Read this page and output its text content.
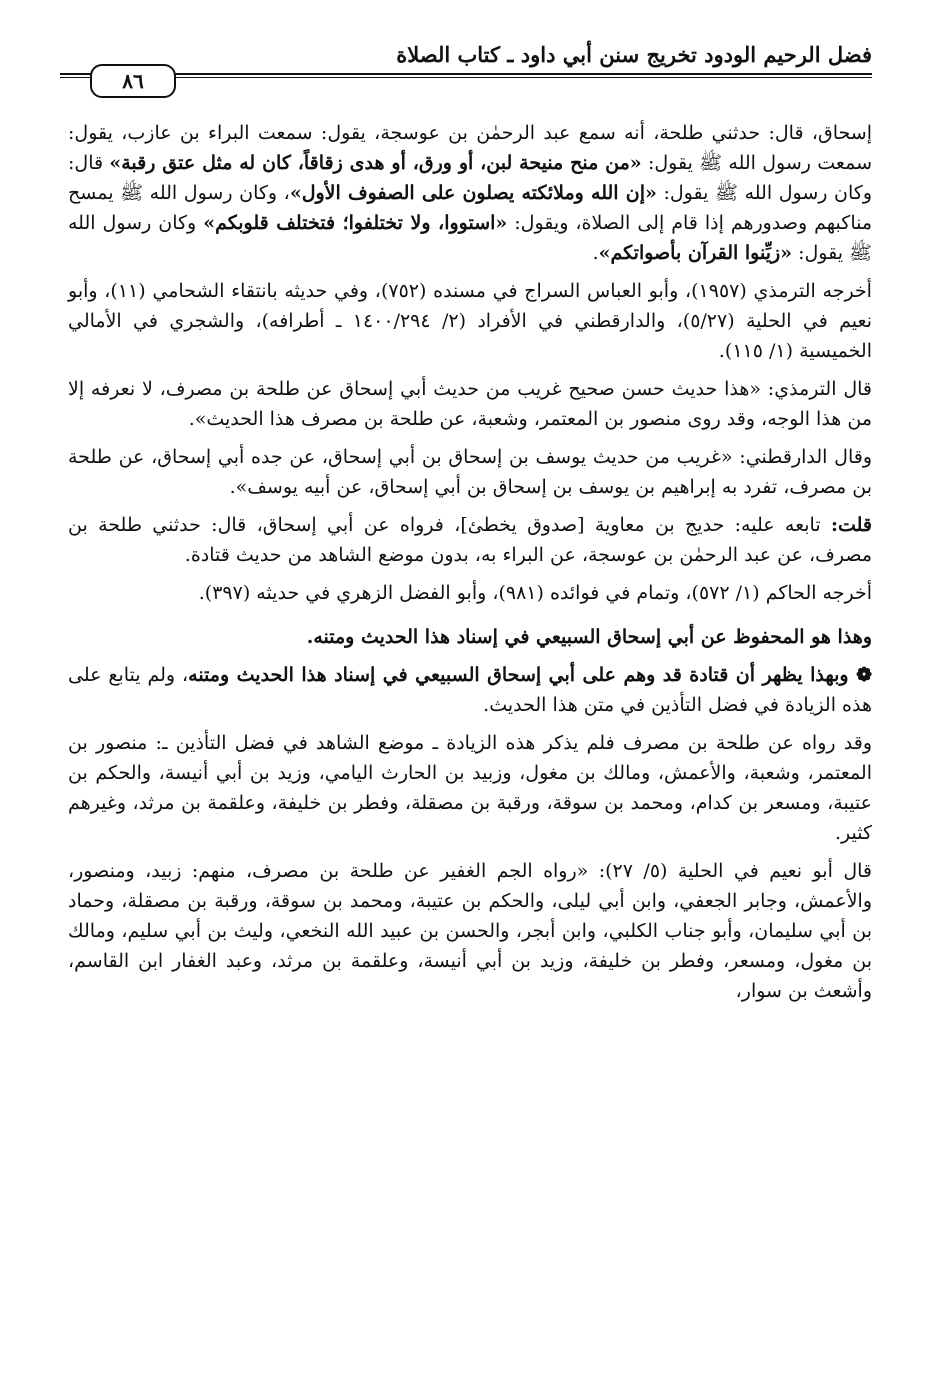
فضل الرحيم الودود تخريج سنن أبي داود ـ كتاب الصلاة
٨٦

إسحاق، قال: حدثني طلحة، أنه سمع عبد الرحمٰن بن عوسجة، يقول: سمعت البراء بن عازب، يقول: سمعت رسول الله ﷺ يقول: «من منح منيحة لبن، أو ورق، أو هدى زقاقاً، كان له مثل عتق رقبة» قال: وكان رسول الله ﷺ يقول: «إن الله وملائكته يصلون على الصفوف الأول»، وكان رسول الله ﷺ يمسح مناكبهم وصدورهم إذا قام إلى الصلاة، ويقول: «استووا، ولا تختلفوا؛ فتختلف قلوبكم» وكان رسول الله ﷺ يقول: «زيِّنوا القرآن بأصواتكم».

أخرجه الترمذي (١٩٥٧)، وأبو العباس السراج في مسنده (٧٥٢)، وفي حديثه بانتقاء الشحامي (١١)، وأبو نعيم في الحلية (٥/٢٧)، والدارقطني في الأفراد (٢/ ١٤٠٠/٢٩٤ ـ أطرافه)، والشجري في الأمالي الخميسية (١/ ١١٥).

قال الترمذي: «هذا حديث حسن صحيح غريب من حديث أبي إسحاق عن طلحة بن مصرف، لا نعرفه إلا من هذا الوجه، وقد روى منصور بن المعتمر، وشعبة، عن طلحة بن مصرف هذا الحديث».

وقال الدارقطني: «غريب من حديث يوسف بن إسحاق بن أبي إسحاق، عن جده أبي إسحاق، عن طلحة بن مصرف، تفرد به إبراهيم بن يوسف بن إسحاق بن أبي إسحاق، عن أبيه يوسف».

قلت: تابعه عليه: حديج بن معاوية [صدوق يخطئ]، فرواه عن أبي إسحاق، قال: حدثني طلحة بن مصرف، عن عبد الرحمٰن بن عوسجة، عن البراء به، بدون موضع الشاهد من حديث قتادة.

أخرجه الحاكم (١/ ٥٧٢)، وتمام في فوائده (٩٨١)، وأبو الفضل الزهري في حديثه (٣٩٧).

وهذا هو المحفوظ عن أبي إسحاق السبيعي في إسناد هذا الحديث ومتنه.

❁ وبهذا يظهر أن قتادة قد وهم على أبي إسحاق السبيعي في إسناد هذا الحديث ومتنه، ولم يتابع على هذه الزيادة في فضل التأذين في متن هذا الحديث.

وقد رواه عن طلحة بن مصرف فلم يذكر هذه الزيادة ـ موضع الشاهد في فضل التأذين ـ: منصور بن المعتمر، وشعبة، والأعمش، ومالك بن مغول، وزبيد بن الحارث اليامي، وزيد بن أبي أنيسة، والحكم بن عتيبة، ومسعر بن كدام، ومحمد بن سوقة، ورقبة بن مصقلة، وفطر بن خليفة، وعلقمة بن مرثد، وغيرهم كثير.

قال أبو نعيم في الحلية (٥/ ٢٧): «رواه الجم الغفير عن طلحة بن مصرف، منهم: زبيد، ومنصور، والأعمش، وجابر الجعفي، وابن أبي ليلى، والحكم بن عتيبة، ومحمد بن سوقة، ورقبة بن مصقلة، وحماد بن أبي سليمان، وأبو جناب الكلبي، وابن أبجر، والحسن بن عبيد الله النخعي، وليث بن أبي سليم، ومالك بن مغول، ومسعر، وفطر بن خليفة، وزيد بن أبي أنيسة، وعلقمة بن مرثد، وعبد الغفار ابن القاسم، وأشعث بن سوار،
